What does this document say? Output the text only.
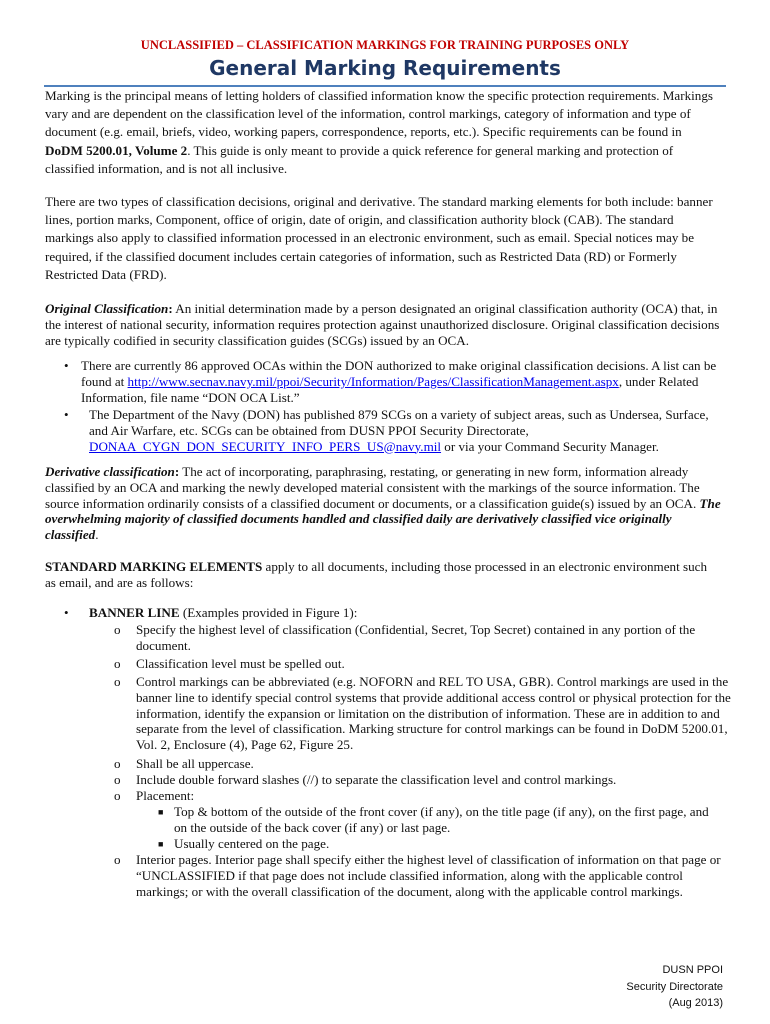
UNCLASSIFIED – CLASSIFICATION MARKINGS FOR TRAINING PURPOSES ONLY
General Marking Requirements
Marking is the principal means of letting holders of classified information know the specific protection requirements. Markings vary and are dependent on the classification level of the information, control markings, category of information and type of document (e.g. email, briefs, video, working papers, correspondence, reports, etc.). Specific requirements can be found in DoDM 5200.01, Volume 2. This guide is only meant to provide a quick reference for general marking and protection of classified information, and is not all inclusive.
There are two types of classification decisions, original and derivative. The standard marking elements for both include: banner lines, portion marks, Component, office of origin, date of origin, and classification authority block (CAB). The standard markings also apply to classified information processed in an electronic environment, such as email. Special notices may be required, if the classified document includes certain categories of information, such as Restricted Data (RD) or Formerly Restricted Data (FRD).
Original Classification: An initial determination made by a person designated an original classification authority (OCA) that, in the interest of national security, information requires protection against unauthorized disclosure. Original classification decisions are typically codified in security classification guides (SCGs) issued by an OCA.
• There are currently 86 approved OCAs within the DON authorized to make original classification decisions. A list can be found at http://www.secnav.navy.mil/ppoi/Security/Information/Pages/ClassificationManagement.aspx, under Related Information, file name “DON OCA List.”
• The Department of the Navy (DON) has published 879 SCGs on a variety of subject areas, such as Undersea, Surface, and Air Warfare, etc. SCGs can be obtained from DUSN PPOI Security Directorate, DONAA_CYGN_DON_SECURITY_INFO_PERS_US@navy.mil or via your Command Security Manager.
Derivative classification: The act of incorporating, paraphrasing, restating, or generating in new form, information already classified by an OCA and marking the newly developed material consistent with the markings of the source information. The source information ordinarily consists of a classified document or documents, or a classification guide(s) issued by an OCA. The overwhelming majority of classified documents handled and classified daily are derivatively classified vice originally classified.
STANDARD MARKING ELEMENTS apply to all documents, including those processed in an electronic environment such as email, and are as follows:
• BANNER LINE (Examples provided in Figure 1):
o Specify the highest level of classification (Confidential, Secret, Top Secret) contained in any portion of the document.
o Classification level must be spelled out.
o Control markings can be abbreviated (e.g. NOFORN and REL TO USA, GBR). Control markings are used in the banner line to identify special control systems that provide additional access control or physical protection for the information, identify the expansion or limitation on the distribution of information. These are in addition to and separate from the level of classification. Marking structure for control markings can be found in DoDM 5200.01, Vol. 2, Enclosure (4), Page 62, Figure 25.
o Shall be all uppercase.
o Include double forward slashes (//) to separate the classification level and control markings.
o Placement:
■ Top & bottom of the outside of the front cover (if any), on the title page (if any), on the first page, and on the outside of the back cover (if any) or last page.
■ Usually centered on the page.
o Interior pages. Interior page shall specify either the highest level of classification of information on that page or “UNCLASSIFIED if that page does not include classified information, along with the applicable control markings; or with the overall classification of the document, along with the applicable control markings.
DUSN PPOI
Security Directorate
(Aug 2013)
